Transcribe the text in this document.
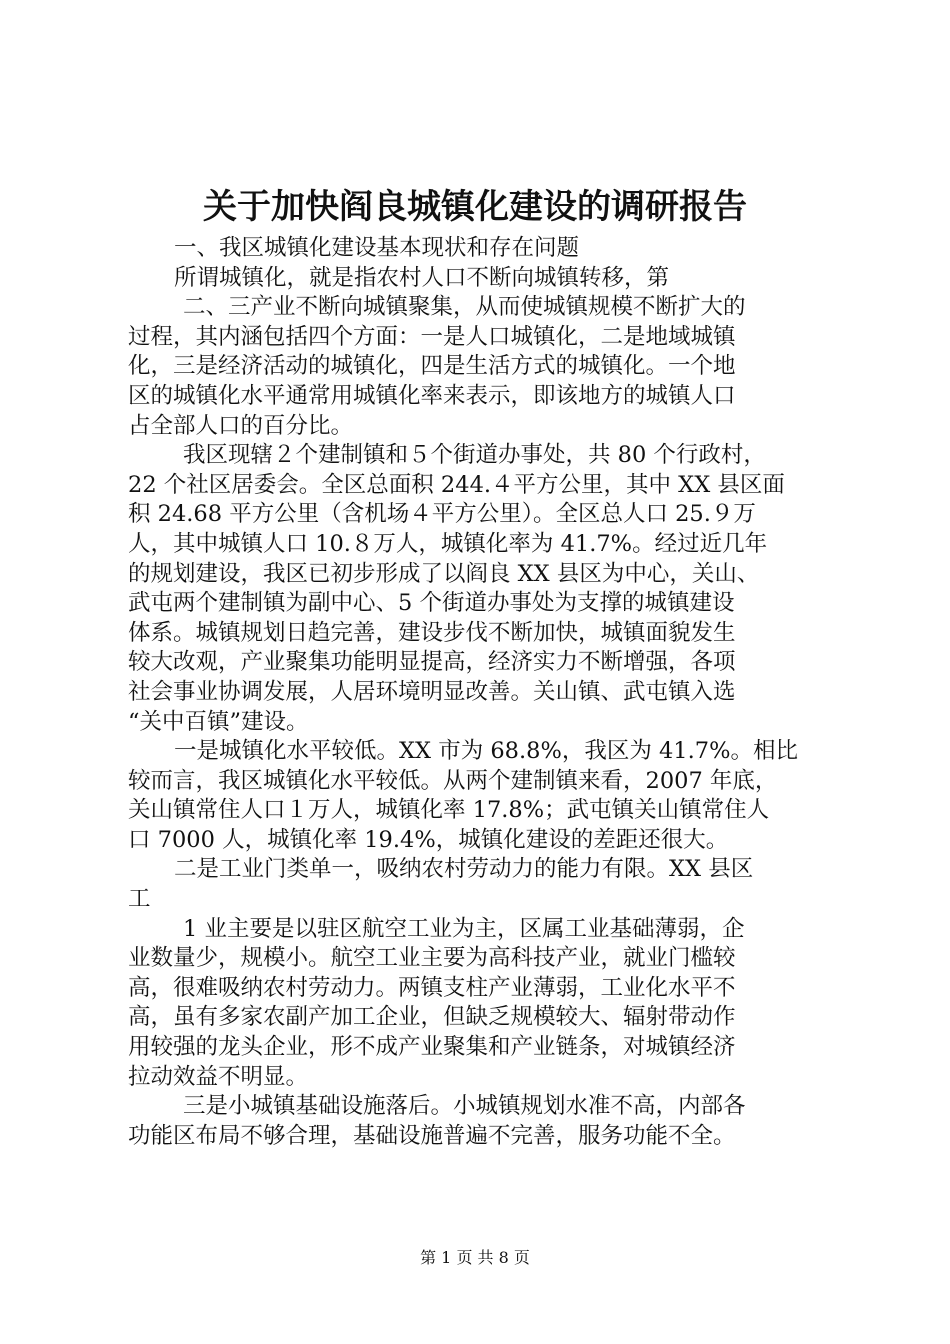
关于加快阎良城镇化建设的调研报告
一、我区城镇化建设基本现状和存在问题
所谓城镇化，就是指农村人口不断向城镇转移，第
二、三产业不断向城镇聚集，从而使城镇规模不断扩大的
过程，其内涵包括四个方面：一是人口城镇化，二是地域城镇
化，三是经济活动的城镇化，四是生活方式的城镇化。一个地
区的城镇化水平通常用城镇化率来表示，即该地方的城镇人口
占全部人口的百分比。
我区现辖２个建制镇和５个街道办事处，共 80 个行政村，
22 个社区居委会。全区总面积 244.４平方公里，其中 XX 县区面
积 24.68 平方公里（含机场４平方公里）。全区总人口 25.９万
人，其中城镇人口 10.８万人，城镇化率为 41.7%。经过近几年
的规划建设，我区已初步形成了以阎良 XX 县区为中心，关山、
武屯两个建制镇为副中心、5 个街道办事处为支撑的城镇建设
体系。城镇规划日趋完善，建设步伐不断加快，城镇面貌发生
较大改观，产业聚集功能明显提高，经济实力不断增强，各项
社会事业协调发展，人居环境明显改善。关山镇、武屯镇入选
“关中百镇”建设。
一是城镇化水平较低。XX 市为 68.8%，我区为 41.7%。相比
较而言，我区城镇化水平较低。从两个建制镇来看，2007 年底，
关山镇常住人口１万人，城镇化率 17.8%；武屯镇关山镇常住人
口 7000 人，城镇化率 19.4%，城镇化建设的差距还很大。
二是工业门类单一，吸纳农村劳动力的能力有限。XX 县区
工
1 业主要是以驻区航空工业为主，区属工业基础薄弱，企
业数量少，规模小。航空工业主要为高科技产业，就业门槛较
高，很难吸纳农村劳动力。两镇支柱产业薄弱，工业化水平不
高，虽有多家农副产加工企业，但缺乏规模较大、辐射带动作
用较强的龙头企业，形不成产业聚集和产业链条，对城镇经济
拉动效益不明显。
三是小城镇基础设施落后。小城镇规划水准不高，内部各
功能区布局不够合理，基础设施普遍不完善，服务功能不全。
第 1 页 共 8 页
